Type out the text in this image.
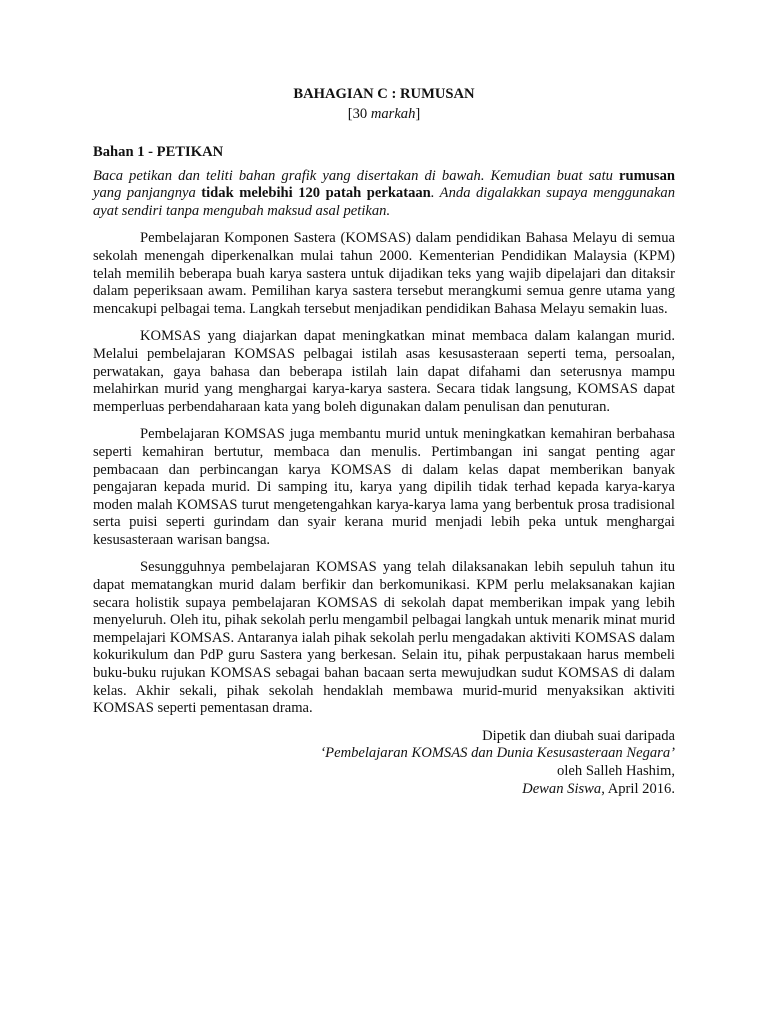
BAHAGIAN C : RUMUSAN

[30 markah]

Bahan 1 - PETIKAN

Baca petikan dan teliti bahan grafik yang disertakan di bawah. Kemudian buat satu rumusan yang panjangnya tidak melebihi 120 patah perkataan. Anda digalakkan supaya menggunakan ayat sendiri tanpa mengubah maksud asal petikan.

Pembelajaran Komponen Sastera (KOMSAS) dalam pendidikan Bahasa Melayu di semua sekolah menengah diperkenalkan mulai tahun 2000. Kementerian Pendidikan Malaysia (KPM) telah memilih beberapa buah karya sastera untuk dijadikan teks yang wajib dipelajari dan ditaksir dalam peperiksaan awam. Pemilihan karya sastera tersebut merangkumi semua genre utama yang mencakupi pelbagai tema. Langkah tersebut menjadikan pendidikan Bahasa Melayu semakin luas.

KOMSAS yang diajarkan dapat meningkatkan minat membaca dalam kalangan murid. Melalui pembelajaran KOMSAS pelbagai istilah asas kesusasteraan seperti tema, persoalan, perwatakan, gaya bahasa dan beberapa istilah lain dapat difahami dan seterusnya mampu melahirkan murid yang menghargai karya-karya sastera. Secara tidak langsung, KOMSAS dapat memperluas perbendaharaan kata yang boleh digunakan dalam penulisan dan penuturan.

Pembelajaran KOMSAS juga membantu murid untuk meningkatkan kemahiran berbahasa seperti kemahiran bertutur, membaca dan menulis. Pertimbangan ini sangat penting agar pembacaan dan perbincangan karya KOMSAS di dalam kelas dapat memberikan banyak pengajaran kepada murid. Di samping itu, karya yang dipilih tidak terhad kepada karya-karya moden malah KOMSAS turut mengetengahkan karya-karya lama yang berbentuk prosa tradisional serta puisi seperti gurindam dan syair kerana murid menjadi lebih peka untuk menghargai kesusasteraan warisan bangsa.

Sesungguhnya pembelajaran KOMSAS yang telah dilaksanakan lebih sepuluh tahun itu dapat mematangkan murid dalam berfikir dan berkomunikasi. KPM perlu melaksanakan kajian secara holistik supaya pembelajaran KOMSAS di sekolah dapat memberikan impak yang lebih menyeluruh. Oleh itu, pihak sekolah perlu mengambil pelbagai langkah untuk menarik minat murid mempelajari KOMSAS. Antaranya ialah pihak sekolah perlu mengadakan aktiviti KOMSAS dalam kokurikulum dan PdP guru Sastera yang berkesan. Selain itu, pihak perpustakaan harus membeli buku-buku rujukan KOMSAS sebagai bahan bacaan serta mewujudkan sudut KOMSAS di dalam kelas. Akhir sekali, pihak sekolah hendaklah membawa murid-murid menyaksikan aktiviti KOMSAS seperti pementasan drama.

Dipetik dan diubah suai daripada
‘Pembelajaran KOMSAS dan Dunia Kesusasteraan Negara’
oleh Salleh Hashim,
Dewan Siswa, April 2016.
